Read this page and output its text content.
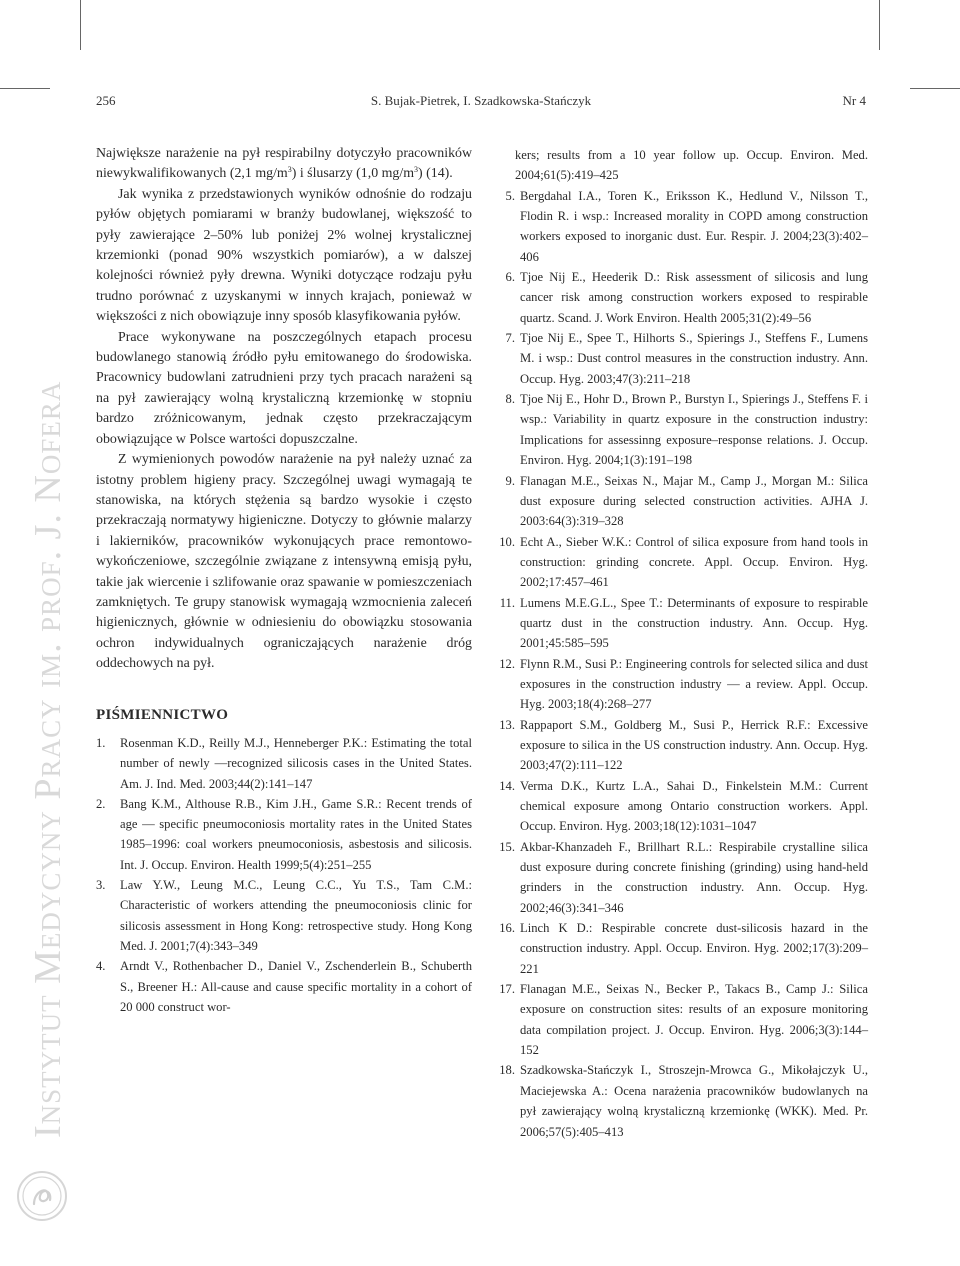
256	S. Bujak-Pietrek, I. Szadkowska-Stańczyk	Nr 4
Instytut Medycyny Pracy im. prof. J. Nofera

Największe narażenie na pył respirabilny dotyczyło pracowników niewykwalifikowanych (2,1 $mg/m^3$) i ślusarzy (1,0 $mg/m^3$) (14).

Jak wynika z przedstawionych wyników odnośnie do rodzaju pyłów objętych pomiarami w branży budowlanej, większość to pyły zawierające 2–50% lub poniżej 2% wolnej krystalicznej krzemionki (ponad 90% wszystkich pomiarów), a w dalszej kolejności również pyły drewna. Wyniki dotyczące rodzaju pyłu trudno porównać z uzyskanymi w innych krajach, ponieważ w większości z nich obowiązuje inny sposób klasyfikowania pyłów.

Prace wykonywane na poszczególnych etapach procesu budowlanego stanowią źródło pyłu emitowanego do środowiska. Pracownicy budowlani zatrudnieni przy tych pracach narażeni są na pył zawierający wolną krystaliczną krzemionkę w stopniu bardzo zróżnicowanym, jednak często przekraczającym obowiązujące w Polsce wartości dopuszczalne.

Z wymienionych powodów narażenie na pył należy uznać za istotny problem higieny pracy. Szczególnej uwagi wymagają te stanowiska, na których stężenia są bardzo wysokie i często przekraczają normatywy higieniczne. Dotyczy to głównie malarzy i lakierników, pracowników wykonujących prace remontowo-wykończeniowe, szczególnie związane z intensywną emisją pyłu, takie jak wiercenie i szlifowanie oraz spawanie w pomieszczeniach zamkniętych. Te grupy stanowisk wymagają wzmocnienia zaleceń higienicznych, głównie w odniesieniu do obowiązku stosowania ochron indywidualnych ograniczających narażenie dróg oddechowych na pył.

PIŚMIENNICTWO
1.	Rosenman K.D., Reilly M.J., Henneberger P.K.: Estimating the total number of newly —recognized silicosis cases in the United States. Am. J. Ind. Med. 2003;44(2):141–147
2.	Bang K.M., Althouse R.B., Kim J.H., Game S.R.: Recent trends of age — specific pneumoconiosis mortality rates in the United States 1985–1996: coal workers pneumoconiosis, asbestosis and silicosis. Int. J. Occup. Environ. Health 1999;5(4):251–255
3.	Law Y.W., Leung M.C., Leung C.C., Yu T.S., Tam C.M.: Characteristic of workers attending the pneumoconiosis clinic for silicosis assessment in Hong Kong: retrospective study. Hong Kong Med. J. 2001;7(4):343–349
4.	Arndt V., Rothenbacher D., Daniel V., Zschenderlein B., Schuberth S., Breener H.: All-cause and cause specific mortality in a cohort of 20 000 construct wor-
kers; results from a 10 year follow up. Occup. Environ. Med. 2004;61(5):419–425
5. Bergdahal I.A., Toren K., Eriksson K., Hedlund V., Nilsson T., Flodin R. i wsp.: Increased morality in COPD among construction workers exposed to inorganic dust. Eur. Respir. J. 2004;23(3):402–406
6. Tjoe Nij E., Heederik D.: Risk assessment of silicosis and lung cancer risk among construction workers exposed to respirable quartz. Scand. J. Work Environ. Health 2005;31(2):49–56
7. Tjoe Nij E., Spee T., Hilhorts S., Spierings J., Steffens F., Lumens M. i wsp.: Dust control measures in the construction industry. Ann. Occup. Hyg. 2003;47(3):211–218
8. Tjoe Nij E., Hohr D., Brown P., Burstyn I., Spierings J., Steffens F. i wsp.: Variability in quartz exposure in the construction industry: Implications for assessinng exposure–response relations. J. Occup. Environ. Hyg. 2004;1(3):191–198
9. Flanagan M.E., Seixas N., Majar M., Camp J., Morgan M.: Silica dust exposure during selected construction activities. AJHA J. 2003:64(3):319–328
10. Echt A., Sieber W.K.: Control of silica exposure from hand tools in construction: grinding concrete. Appl. Occup. Environ. Hyg. 2002;17:457–461
11. Lumens M.E.G.L., Spee T.: Determinants of exposure to respirable quartz dust in the construction industry. Ann. Occup. Hyg. 2001;45:585–595
12. Flynn R.M., Susi P.: Engineering controls for selected silica and dust exposures in the construction industry — a review. Appl. Occup. Hyg. 2003;18(4):268–277
13. Rappaport S.M., Goldberg M., Susi P., Herrick R.F.: Excessive exposure to silica in the US construction industry. Ann. Occup. Hyg. 2003;47(2):111–122
14. Verma D.K., Kurtz L.A., Sahai D., Finkelstein M.M.: Current chemical exposure among Ontario construction workers. Appl. Occup. Environ. Hyg. 2003;18(12):1031–1047
15. Akbar-Khanzadeh F., Brillhart R.L.: Respirabile crystalline silica dust exposure during concrete finishing (grinding) using hand-held grinders in the construction industry. Ann. Occup. Hyg. 2002;46(3):341–346
16. Linch K D.: Respirable concrete dust-silicosis hazard in the construction industry. Appl. Occup. Environ. Hyg. 2002;17(3):209–221
17. Flanagan M.E., Seixas N., Becker P., Takacs B., Camp J.: Silica exposure on construction sites: results of an exposure monitoring data compilation project. J. Occup. Environ. Hyg. 2006;3(3):144–152
18. Szadkowska-Stańczyk I., Stroszejn-Mrowca G., Mikołajczyk U., Maciejewska A.: Ocena narażenia pracowników budowlanych na pył zawierający wolną krystaliczną krzemionkę (WKK). Med. Pr. 2006;57(5):405–413
